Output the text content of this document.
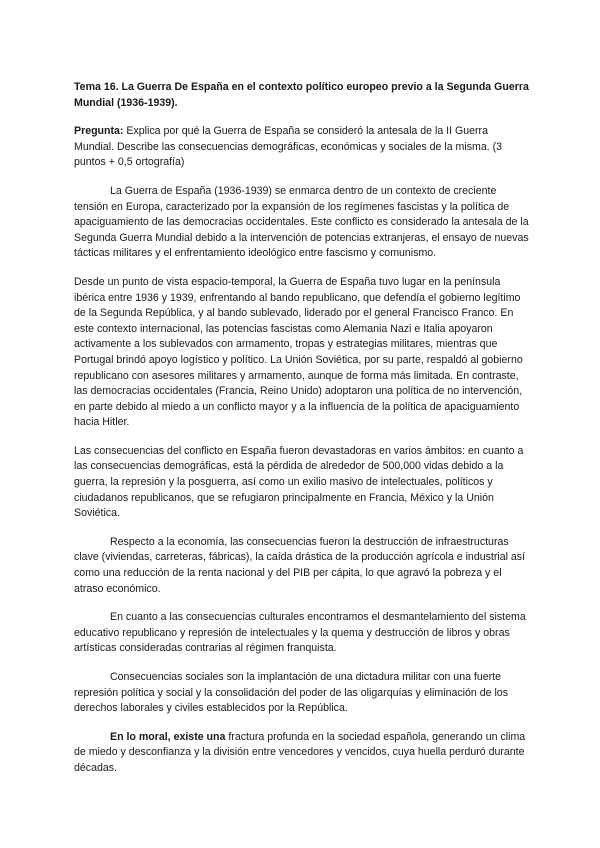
Tema 16. La Guerra De España en el contexto político europeo previo a la Segunda Guerra Mundial (1936-1939).

Pregunta: Explica por qué la Guerra de España se consideró la antesala de la II Guerra Mundial. Describe las consecuencias demográficas, económicas y sociales de la misma. (3 puntos + 0,5 ortografía)

La Guerra de España (1936-1939) se enmarca dentro de un contexto de creciente tensión en Europa, caracterizado por la expansión de los regímenes fascistas y la política de apaciguamiento de las democracias occidentales. Este conflicto es considerado la antesala de la Segunda Guerra Mundial debido a la intervención de potencias extranjeras, el ensayo de nuevas tácticas militares y el enfrentamiento ideológico entre fascismo y comunismo.

Desde un punto de vista espacio-temporal, la Guerra de España tuvo lugar en la península ibérica entre 1936 y 1939, enfrentando al bando republicano, que defendía el gobierno legítimo de la Segunda República, y al bando sublevado, liderado por el general Francisco Franco. En este contexto internacional, las potencias fascistas como Alemania Nazi e Italia apoyaron activamente a los sublevados con armamento, tropas y estrategias militares, mientras que Portugal brindó apoyo logístico y político. La Unión Soviética, por su parte, respaldó al gobierno republicano con asesores militares y armamento, aunque de forma más limitada. En contraste, las democracias occidentales (Francia, Reino Unido) adoptaron una política de no intervención, en parte debido al miedo a un conflicto mayor y a la influencia de la política de apaciguamiento hacia Hitler.

Las consecuencias del conflicto en España fueron devastadoras en varios ámbitos: en cuanto a las consecuencias demográficas, está la pérdida de alrededor de 500,000 vidas debido a la guerra, la represión y la posguerra, así como un exilio masivo de intelectuales, políticos y ciudadanos republicanos, que se refugiaron principalmente en Francia, México y la Unión Soviética.

Respecto a la economía, las consecuencias fueron la destrucción de infraestructuras clave (viviendas, carreteras, fábricas), la caída drástica de la producción agrícola e industrial así como una reducción de la renta nacional y del PIB per cápita, lo que agravó la pobreza y el atraso económico.

En cuanto a las consecuencias culturales encontramos el desmantelamiento del sistema educativo republicano y represión de intelectuales y la quema y destrucción de libros y obras artísticas consideradas contrarias al régimen franquista.

Consecuencias sociales son la implantación de una dictadura militar con una fuerte represión política y social y la consolidación del poder de las oligarquías y eliminación de los derechos laborales y civiles establecidos por la República.

En lo moral, existe una fractura profunda en la sociedad española, generando un clima de miedo y desconfianza y la división entre vencedores y vencidos, cuya huella perduró durante décadas.
